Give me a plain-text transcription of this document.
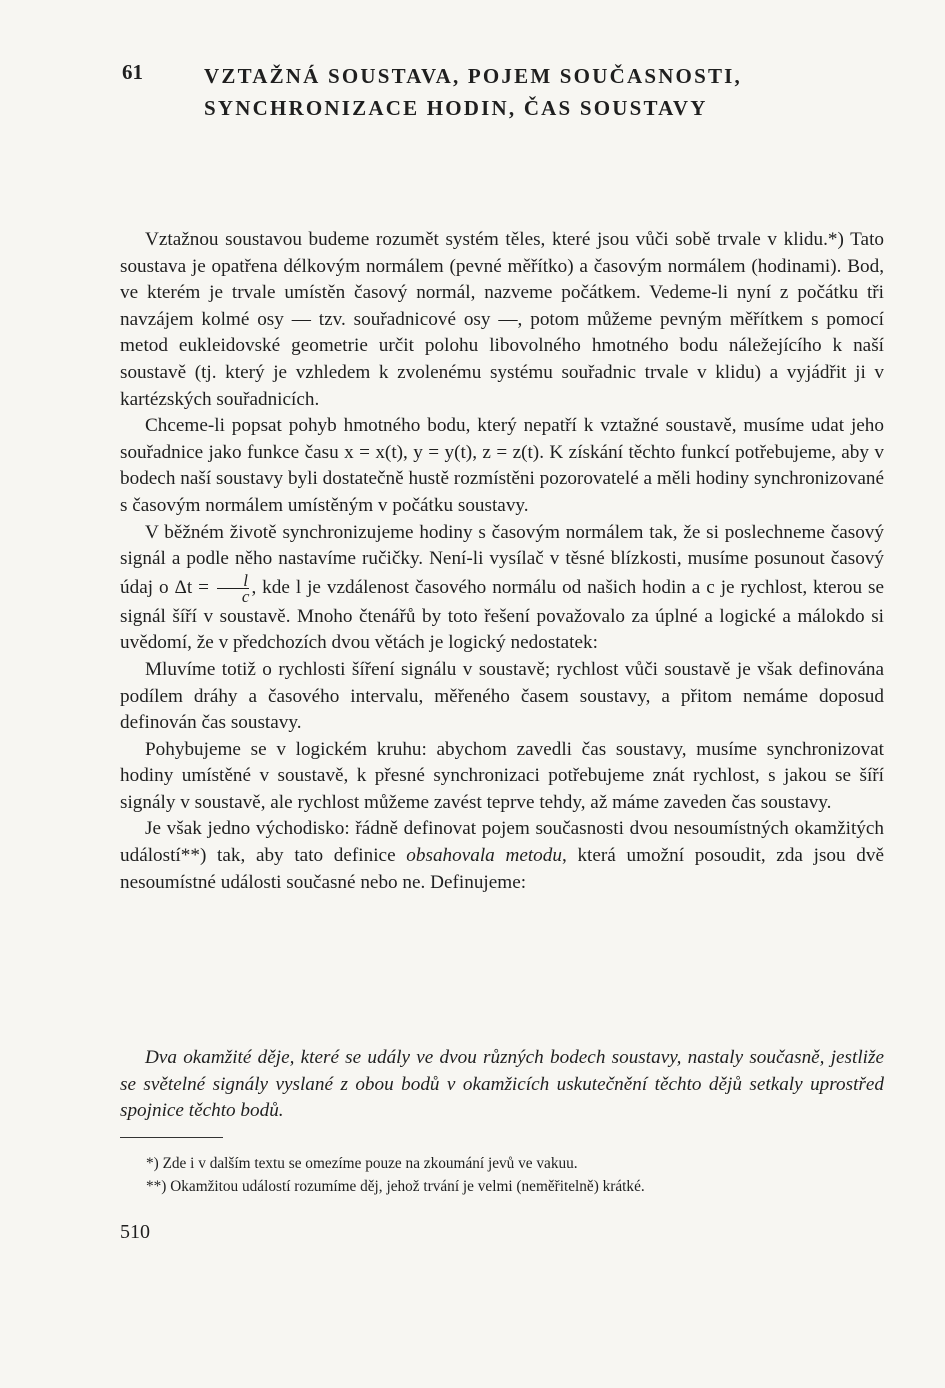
61	VZTAŽNÁ SOUSTAVA, POJEM SOUČASNOSTI,
SYNCHRONIZACE HODIN, ČAS SOUSTAVY

Vztažnou soustavou budeme rozumět systém těles, které jsou vůči sobě trvale v klidu.*) Tato soustava je opatřena délkovým normálem (pevné měřítko) a časovým normálem (hodinami). Bod, ve kterém je trvale umístěn časový normál, nazveme počátkem. Vedeme-li nyní z počátku tři navzájem kolmé osy — tzv. souřadnicové osy —, potom můžeme pevným měřítkem s pomocí metod eukleidovské geometrie určit polohu libovolného hmotného bodu náležejícího k naší soustavě (tj. který je vzhledem k zvolenému systému souřadnic trvale v klidu) a vyjádřit ji v kartézských souřadnicích.

Chceme-li popsat pohyb hmotného bodu, který nepatří k vztažné soustavě, musíme udat jeho souřadnice jako funkce času x = x(t), y = y(t), z = z(t). K získání těchto funkcí potřebujeme, aby v bodech naší soustavy byli dostatečně hustě rozmístěni pozorovatelé a měli hodiny synchronizované s časovým normálem umístěným v počátku soustavy.

V běžném životě synchronizujeme hodiny s časovým normálem tak, že si poslechneme časový signál a podle něho nastavíme ručičky. Není-li vysílač v těsné blízkosti, musíme posunout časový údaj o $\Delta t = \frac{l}{c}$ , kde l je vzdálenost časového normálu od našich hodin a c je rychlost, kterou se signál šíří v soustavě. Mnoho čtenářů by toto řešení považovalo za úplné a logické a málokdo si uvědomí, že v předchozích dvou větách je logický nedostatek:

Mluvíme totiž o rychlosti šíření signálu v soustavě; rychlost vůči soustavě je však definována podílem dráhy a časového intervalu, měřeného časem soustavy, a přitom nemáme doposud definován čas soustavy.

Pohybujeme se v logickém kruhu: abychom zavedli čas soustavy, musíme synchronizovat hodiny umístěné v soustavě, k přesné synchronizaci potřebujeme znát rychlost, s jakou se šíří signály v soustavě, ale rychlost můžeme zavést teprve tehdy, až máme zaveden čas soustavy.

Je však jedno východisko: řádně definovat pojem současnosti dvou nesoumístných okamžitých událostí**) tak, aby tato definice obsahovala metodu, která umožní posoudit, zda jsou dvě nesoumístné události současné nebo ne. Definujeme:

Dva okamžité děje, které se udály ve dvou různých bodech soustavy, nastaly současně, jestliže se světelné signály vyslané z obou bodů v okamžicích uskutečnění těchto dějů setkaly uprostřed spojnice těchto bodů.

*) Zde i v dalším textu se omezíme pouze na zkoumání jevů ve vakuu.

**) Okamžitou událostí rozumíme děj, jehož trvání je velmi (neměřitelně) krátké.

510
